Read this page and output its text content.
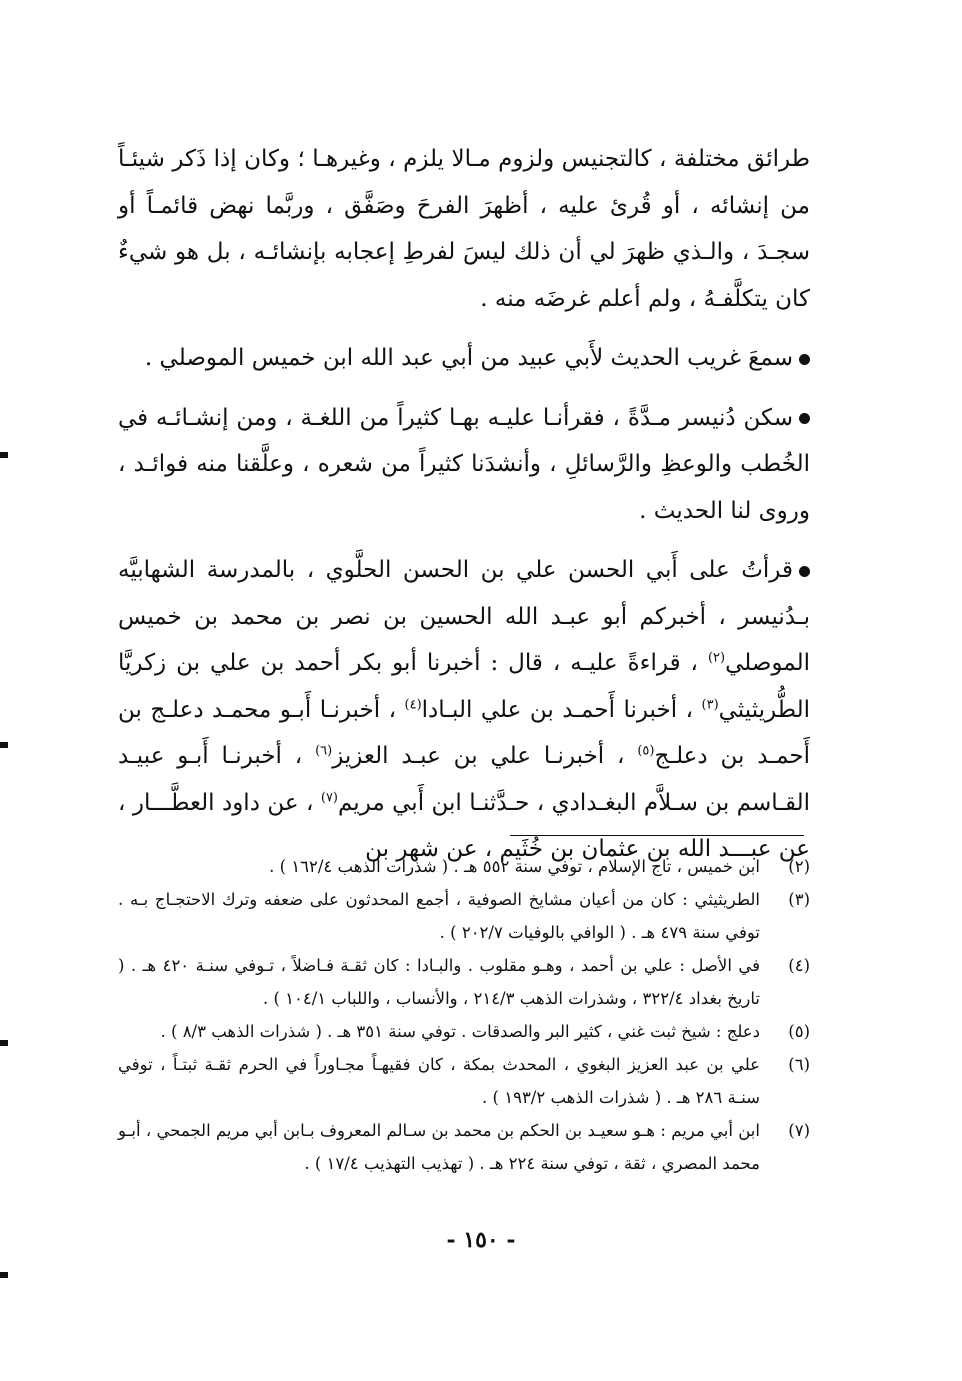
طرائق مختلفة ، كالتجنيس ولزوم مـالا يلزم ، وغيرهـا ؛ وكان إذا ذَكر شيئـاً من إنشائه ، أو قُرئ عليه ، أظهرَ الفرحَ وصَفَّق ، وربَّما نهض قائمـاً أو سجـدَ ، والـذي ظهرَ لي أن ذلك ليسَ لفرطِ إعجابه بإنشائـه ، بل هو شيءٌ كان يتكلَّفـهُ ، ولم أعلم غرضَه منه .

سمعَ غريب الحديث لأَبي عبيد من أبي عبد الله ابن خميس الموصلي .

سكن دُنيسر مـدَّةً ، فقرأنـا عليـه بهـا كثيراً من اللغـة ، ومن إنشـائـه في الخُطب والوعظِ والرَّسائلِ ، وأنشدَنا كثيراً من شعره ، وعلَّقنا منه فوائـد ، وروى لنا الحديث .

قرأتُ على أَبي الحسن علي بن الحسن الحلَّوي ، بالمدرسة الشهابيَّه بـدُنيسر ، أخبركم أبو عبـد الله الحسين بن نصر بن محمد بن خميس الموصلي$^{(٢)}$ ، قراءةً عليـه ، قال : أخبرنا أبو بكر أحمد بن علي بن زكريَّا الطُّريثيثي$^{(٣)}$ ، أخبرنا أَحمـد بن علي البـادا$^{(٤)}$ ، أخبرنـا أَبـو محمـد دعلـج بن أَحمـد بن دعلـج$^{(٥)}$ ، أخبرنـا علي بن عبـد العزيز$^{(٦)}$ ، أخبرنـا أَبـو عبيـد القـاسم بن سـلاَّم البغـدادي ، حـدَّثنـا ابن أَبي مريم$^{(٧)}$ ، عن داود العطَّـــار ، عن عبـــد الله بن عثمان بن خُثَيم ، عن شهر بن

(٢)
ابن خميس ، تاج الإسلام ، توفي سنة ٥٥٢ هـ . ( شذرات الذهب ١٦٢/٤ ) .
(٣)
الطريثيثي : كان من أعيان مشايخ الصوفية ، أجمع المحدثون على ضعفه وترك الاحتجـاج بـه . توفي سنة ٤٧٩ هـ . ( الوافي بالوفيات ٢٠٢/٧ ) .
(٤)
في الأصل : علي بن أحمد ، وهـو مقلوب . والبـادا : كان ثقـة فـاضلاً ، تـوفي سنـة ٤٢٠ هـ . ( تاريخ بغداد ٣٢٢/٤ ، وشذرات الذهب ٢١٤/٣ ، والأنساب ، واللباب ١٠٤/١ ) .
(٥)
دعلج : شيخ ثبت غني ، كثير البر والصدقات . توفي سنة ٣٥١ هـ . ( شذرات الذهب ٨/٣ ) .
(٦)
علي بن عبد العزيز البغوي ، المحدث بمكة ، كان فقيهـاً مجـاوراً في الحرم ثقـة ثبتـاً ، توفي سنـة ٢٨٦ هـ . ( شذرات الذهب ١٩٣/٢ ) .
(٧)
ابن أبي مريم : هـو سعيـد بن الحكم بن محمد بن سـالم المعروف بـابن أبي مريم الجمحي ، أبـو محمد المصري ، ثقة ، توفي سنة ٢٢٤ هـ . ( تهذيب التهذيب ١٧/٤ ) .
- ١٥٠ -
